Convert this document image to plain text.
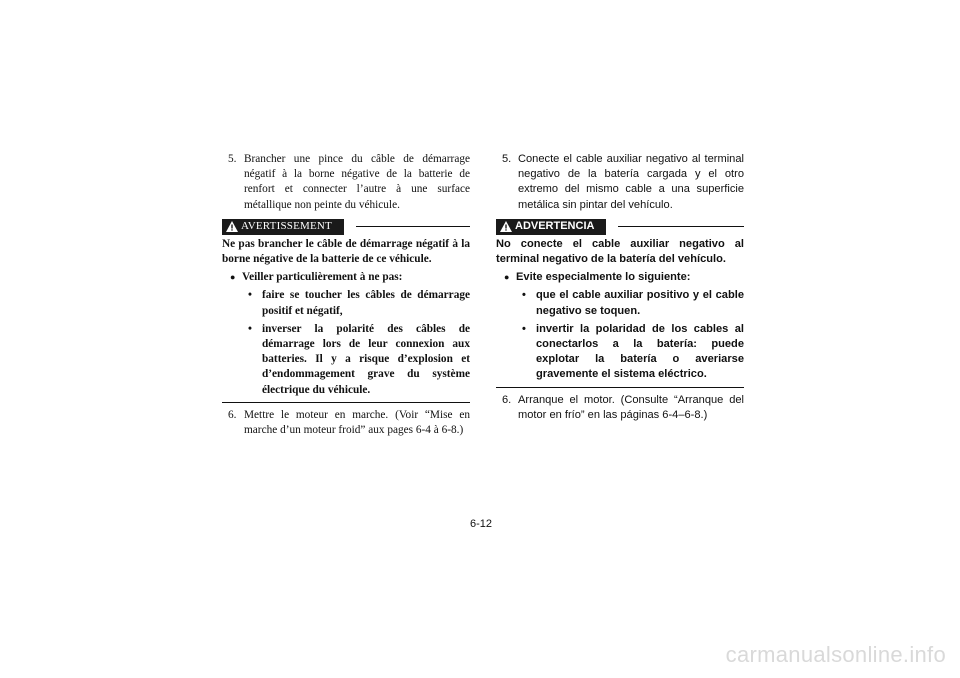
5. Brancher une pince du câble de démarrage négatif à la borne négative de la batterie de renfort et connecter l’autre à une surface métallique non peinte du véhicule.
AVERTISSEMENT
Ne pas brancher le câble de démarrage négatif à la borne négative de la batterie de ce véhicule.
● Veiller particulièrement à ne pas:
• faire se toucher les câbles de démarrage positif et négatif,
• inverser la polarité des câbles de démarrage lors de leur connexion aux batteries. Il y a risque d’explosion et d’endommagement grave du système électrique du véhicule.
6. Mettre le moteur en marche. (Voir “Mise en marche d’un moteur froid” aux pages 6-4 à 6-8.)
5. Conecte el cable auxiliar negativo al terminal negativo de la batería cargada y el otro extremo del mismo cable a una superficie metálica sin pintar del vehículo.
ADVERTENCIA
No conecte el cable auxiliar negativo al terminal negativo de la batería del vehículo.
● Evite especialmente lo siguiente:
• que el cable auxiliar positivo y el cable negativo se toquen.
• invertir la polaridad de los cables al conectarlos a la batería: puede explotar la batería o averiarse gravemente el sistema eléctrico.
6. Arranque el motor. (Consulte “Arranque del motor en frío” en las páginas 6-4–6-8.)
6-12
carmanualsonline.info
